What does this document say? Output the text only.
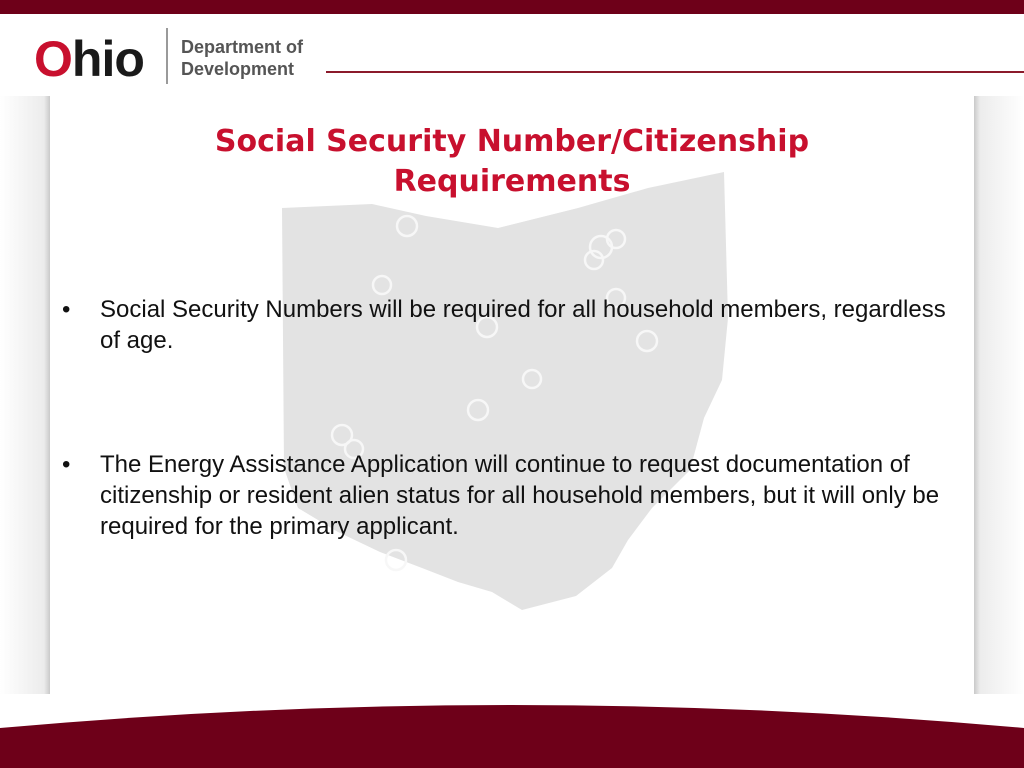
Ohio Department of Development
Social Security Number/Citizenship Requirements
• Social Security Numbers will be required for all household members, regardless of age.
• The Energy Assistance Application will continue to request documentation of citizenship or resident alien status for all household members, but it will only be required for the primary applicant.
